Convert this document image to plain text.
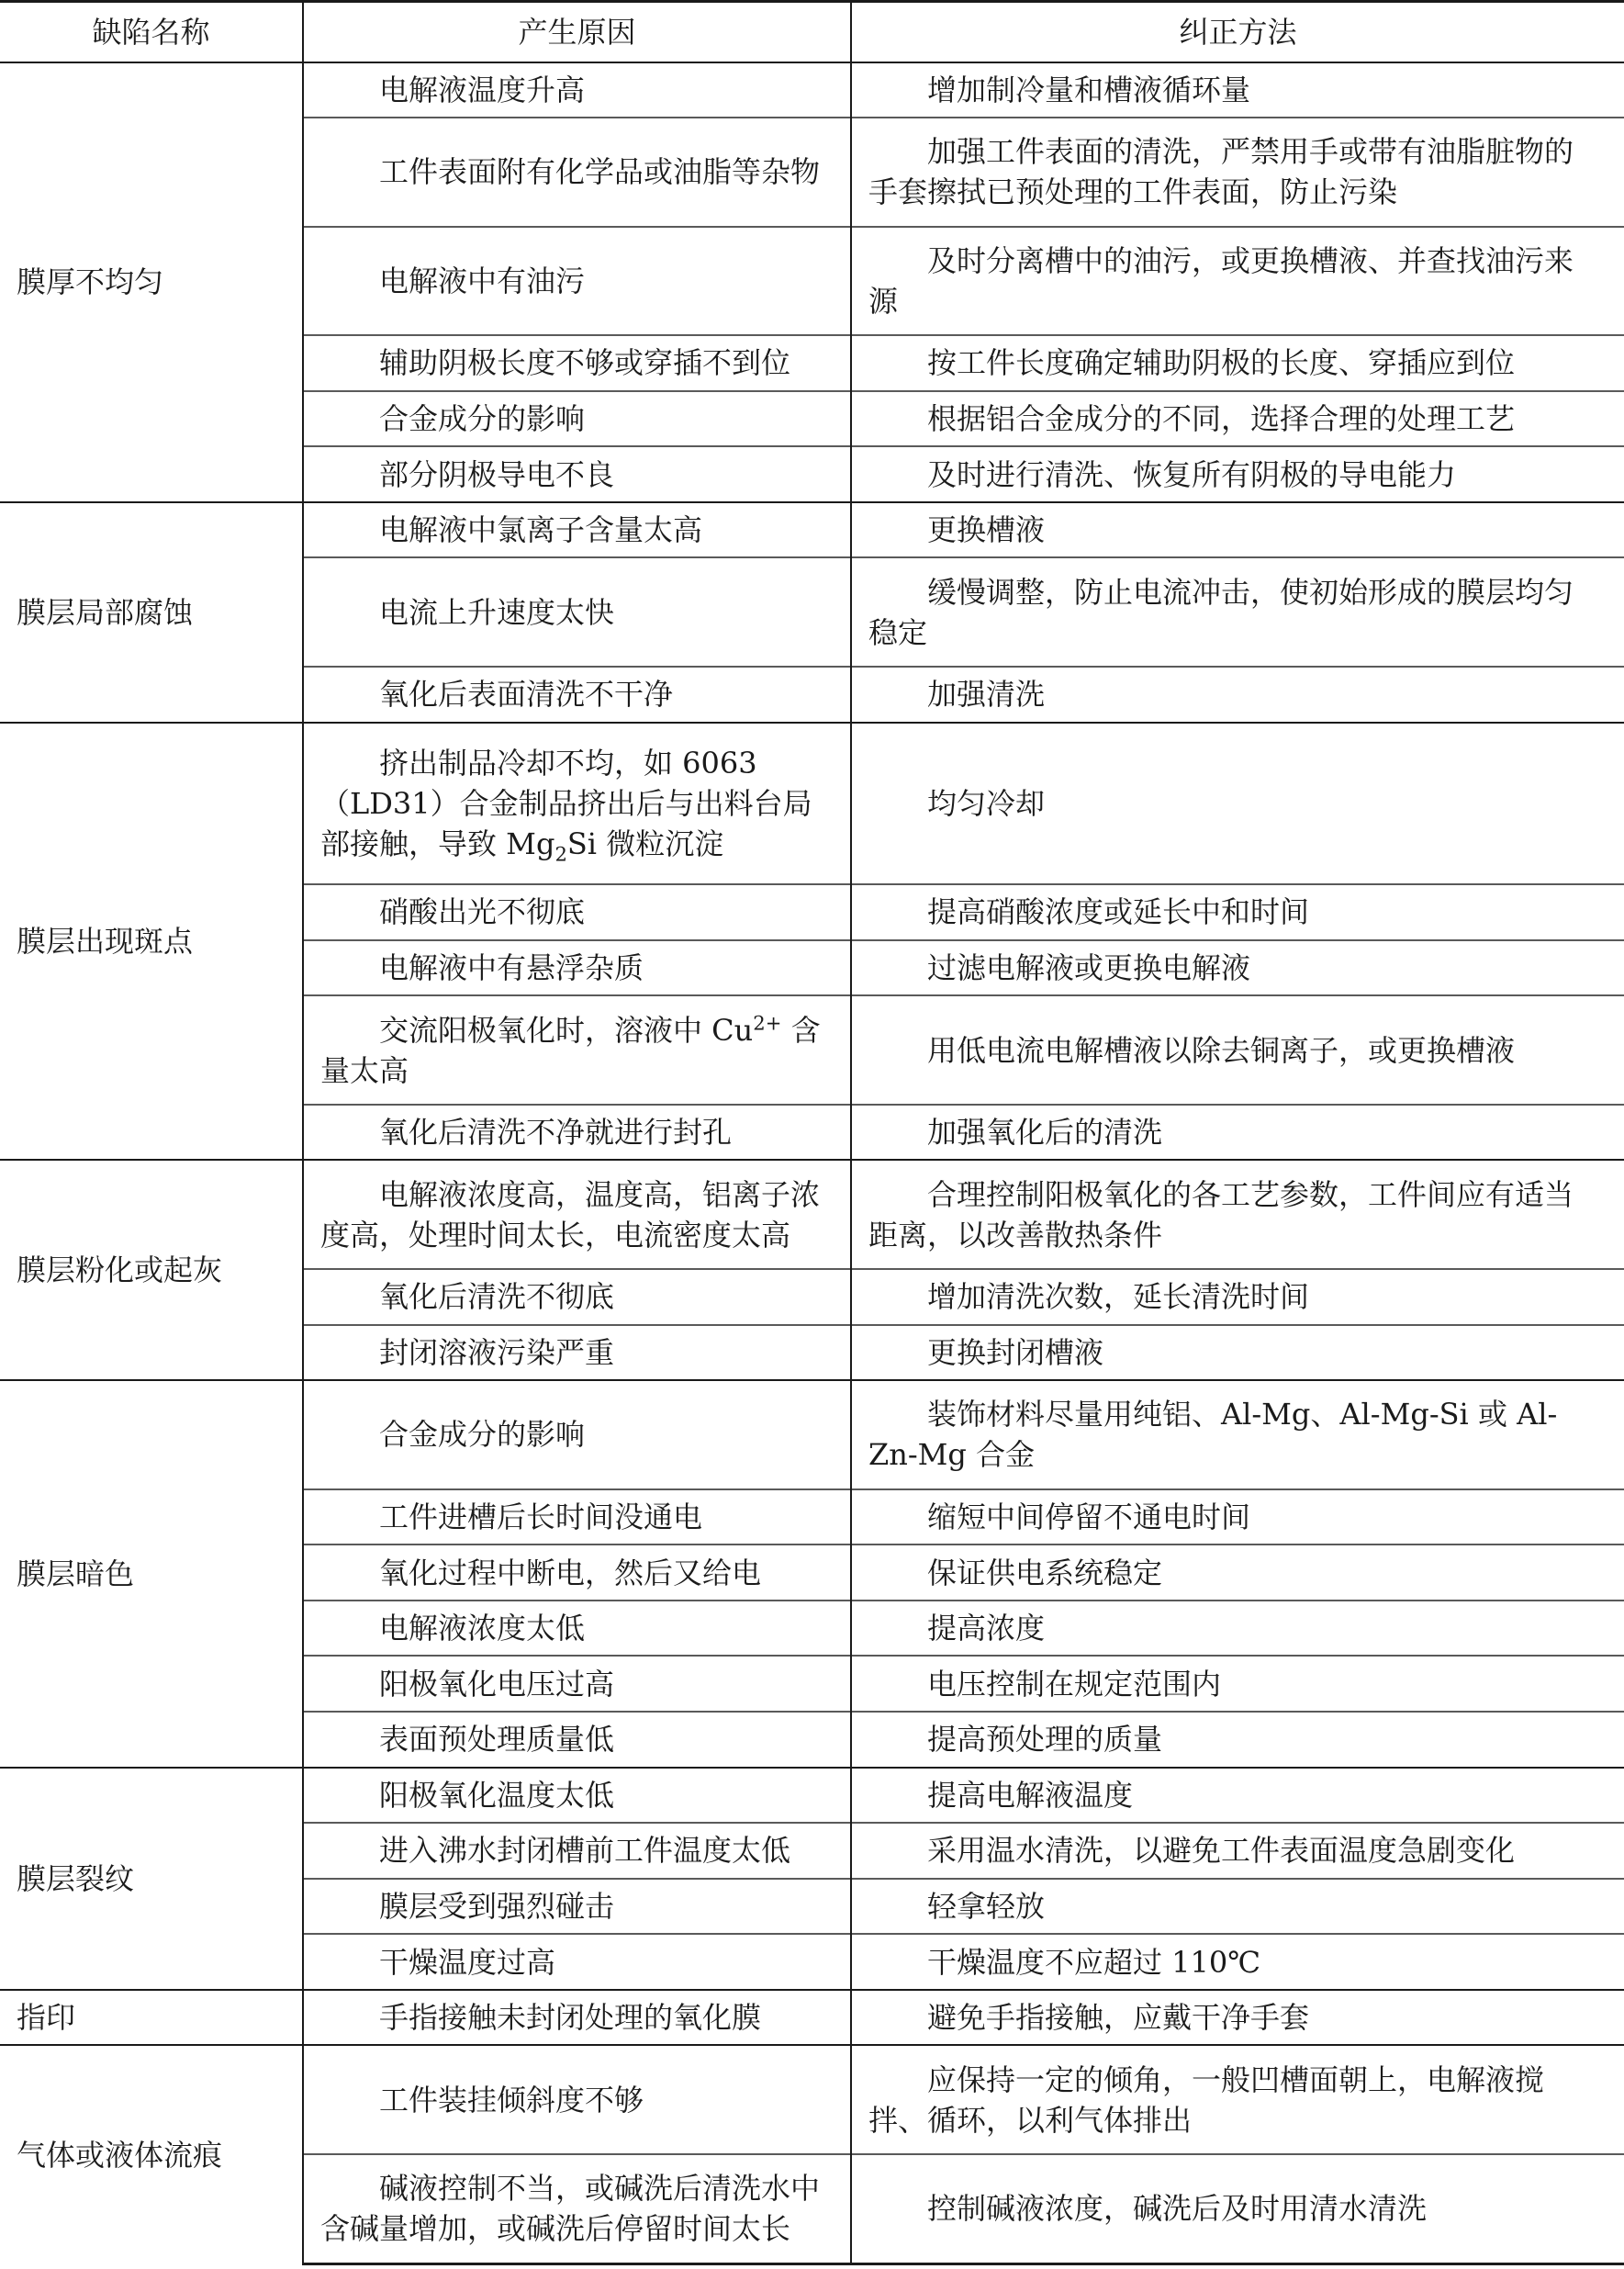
缺陷名称	产生原因	纠正方法
膜厚不均匀	电解液温度升高	增加制冷量和槽液循环量
	工件表面附有化学品或油脂等杂物	加强工件表面的清洗，严禁用手或带有油脂脏物的手套擦拭已预处理的工件表面，防止污染
	电解液中有油污	及时分离槽中的油污，或更换槽液、并查找油污来源
	辅助阴极长度不够或穿插不到位	按工件长度确定辅助阴极的长度、穿插应到位
	合金成分的影响	根据铝合金成分的不同，选择合理的处理工艺
	部分阴极导电不良	及时进行清洗、恢复所有阴极的导电能力
膜层局部腐蚀	电解液中氯离子含量太高	更换槽液
	电流上升速度太快	缓慢调整，防止电流冲击，使初始形成的膜层均匀稳定
	氧化后表面清洗不干净	加强清洗
膜层出现斑点	挤出制品冷却不均，如 6063（LD31）合金制品挤出后与出料台局部接触，导致 $Mg_2Si$ 微粒沉淀	均匀冷却
	硝酸出光不彻底	提高硝酸浓度或延长中和时间
	电解液中有悬浮杂质	过滤电解液或更换电解液
	交流阳极氧化时，溶液中 $Cu^{2+}$ 含量太高	用低电流电解槽液以除去铜离子，或更换槽液
	氧化后清洗不净就进行封孔	加强氧化后的清洗
膜层粉化或起灰	电解液浓度高，温度高，铝离子浓度高，处理时间太长，电流密度太高	合理控制阳极氧化的各工艺参数，工件间应有适当距离，以改善散热条件
	氧化后清洗不彻底	增加清洗次数，延长清洗时间
	封闭溶液污染严重	更换封闭槽液
膜层暗色	合金成分的影响	装饰材料尽量用纯铝、Al-Mg、Al-Mg-Si 或 Al-Zn-Mg 合金
	工件进槽后长时间没通电	缩短中间停留不通电时间
	氧化过程中断电，然后又给电	保证供电系统稳定
	电解液浓度太低	提高浓度
	阳极氧化电压过高	电压控制在规定范围内
	表面预处理质量低	提高预处理的质量
膜层裂纹	阳极氧化温度太低	提高电解液温度
	进入沸水封闭槽前工件温度太低	采用温水清洗，以避免工件表面温度急剧变化
	膜层受到强烈碰击	轻拿轻放
	干燥温度过高	干燥温度不应超过 110℃
指印	手指接触未封闭处理的氧化膜	避免手指接触，应戴干净手套
气体或液体流痕	工件装挂倾斜度不够	应保持一定的倾角，一般凹槽面朝上，电解液搅拌、循环，以利气体排出
	碱液控制不当，或碱洗后清洗水中含碱量增加，或碱洗后停留时间太长	控制碱液浓度，碱洗后及时用清水清洗
